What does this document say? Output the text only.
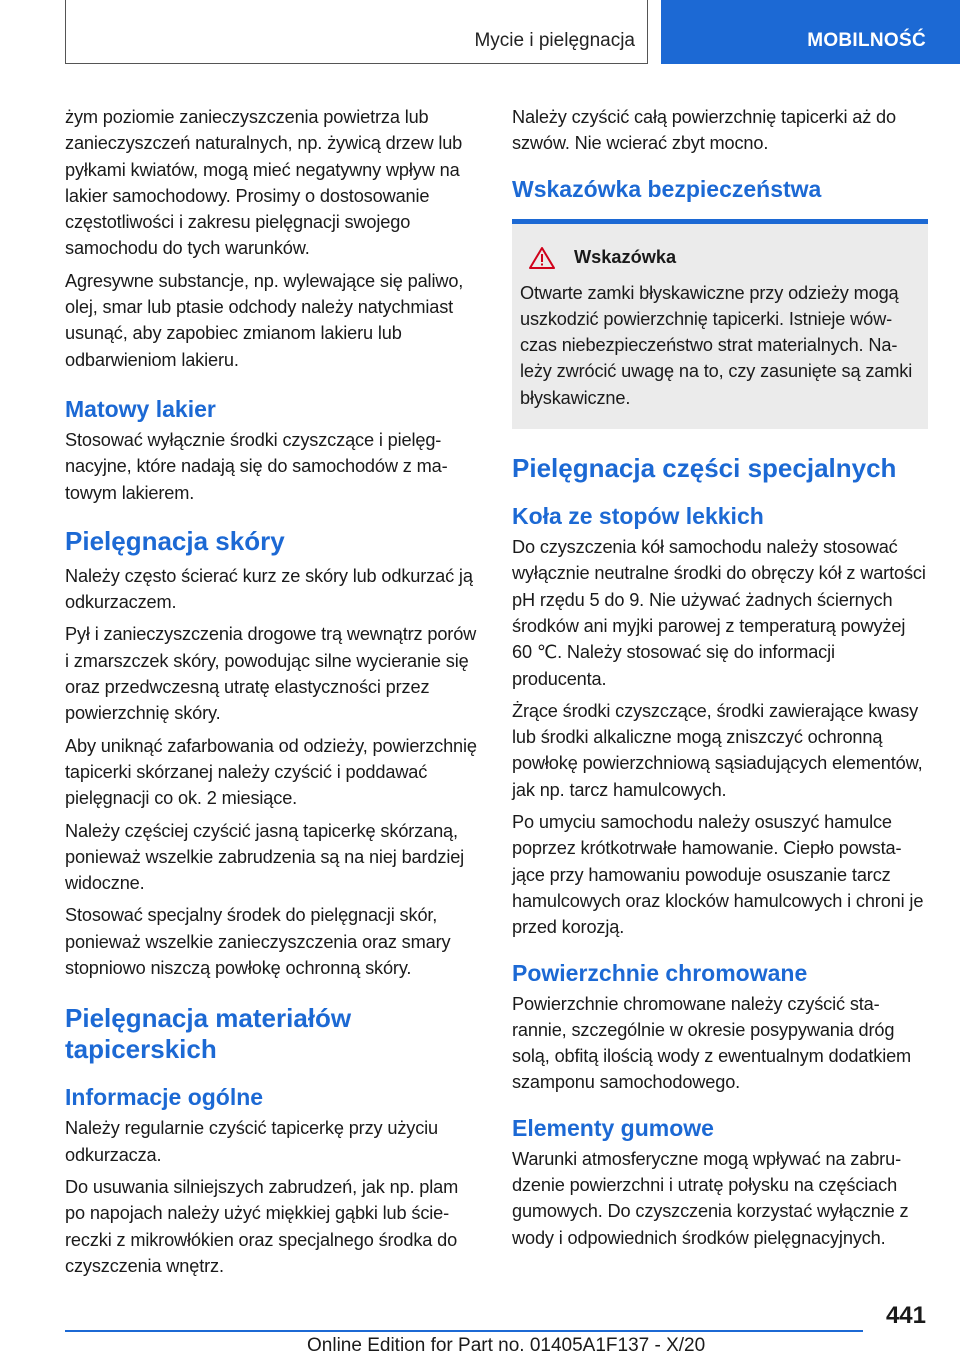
Mycie i pielęgnacja	MOBILNOŚĆ

żym poziomie zanieczyszczenia powietrza lub zanieczyszczeń naturalnych, np. żywicą drzew lub pyłkami kwiatów, mogą mieć negatywny wpływ na lakier samochodowy. Prosimy o dostosowanie częstotliwości i zakresu pielęgnacji swojego samochodu do tych warunków.

Agresywne substancje, np. wylewające się paliwo, olej, smar lub ptasie odchody należy natychmiast usunąć, aby zapobiec zmianom lakieru lub odbarwieniom lakieru.

Matowy lakier

Stosować wyłącznie środki czyszczące i pielęgnacyjne, które nadają się do samochodów z matowym lakierem.

Pielęgnacja skóry

Należy często ścierać kurz ze skóry lub odkurzać ją odkurzaczem.

Pył i zanieczyszczenia drogowe trą wewnątrz porów i zmarszczek skóry, powodując silne wycieranie się oraz przedwczesną utratę elastyczności przez powierzchnię skóry.

Aby uniknąć zafarbowania od odzieży, powierzchnię tapicerki skórzanej należy czyścić i poddawać pielęgnacji co ok. 2 miesiące.

Należy częściej czyścić jasną tapicerkę skórzaną, ponieważ wszelkie zabrudzenia są na niej bardziej widoczne.

Stosować specjalny środek do pielęgnacji skór, ponieważ wszelkie zanieczyszczenia oraz smary stopniowo niszczą powłokę ochronną skóry.

Pielęgnacja materiałów tapicerskich
Informacje ogólne

Należy regularnie czyścić tapicerkę przy użyciu odkurzacza.

Do usuwania silniejszych zabrudzeń, jak np. plam po napojach należy użyć miękkiej gąbki lub ściereczki z mikrowłókien oraz specjalnego środka do czyszczenia wnętrz.

Należy czyścić całą powierzchnię tapicerki aż do szwów. Nie wcierać zbyt mocno.

Wskazówka bezpieczeństwa
Wskazówka

Otwarte zamki błyskawiczne przy odzieży mogą uszkodzić powierzchnię tapicerki. Istnieje wówczas niebezpieczeństwo strat materialnych. Należy zwrócić uwagę na to, czy zasunięte są zamki błyskawiczne.

Pielęgnacja części specjalnych
Koła ze stopów lekkich

Do czyszczenia kół samochodu należy stosować wyłącznie neutralne środki do obręczy kół z wartości pH rzędu 5 do 9. Nie używać żadnych ściernych środków ani myjki parowej z temperaturą powyżej 60 ℃. Należy stosować się do informacji producenta.

Żrące środki czyszczące, środki zawierające kwasy lub środki alkaliczne mogą zniszczyć ochronną powłokę powierzchniową sąsiadujących elementów, jak np. tarcz hamulcowych.

Po umyciu samochodu należy osuszyć hamulce poprzez krótkotrwałe hamowanie. Ciepło powstające przy hamowaniu powoduje osuszanie tarcz hamulcowych oraz klocków hamulcowych i chroni je przed korozją.

Powierzchnie chromowane

Powierzchnie chromowane należy czyścić starannie, szczególnie w okresie posypywania dróg solą, obfitą ilością wody z ewentualnym dodatkiem szamponu samochodowego.

Elementy gumowe

Warunki atmosferyczne mogą wpływać na zabrudzenie powierzchni i utratę połysku na częściach gumowych. Do czyszczenia korzystać wyłącznie z wody i odpowiednich środków pielęgnacyjnych.

441
Online Edition for Part no. 01405A1F137 - X/20
